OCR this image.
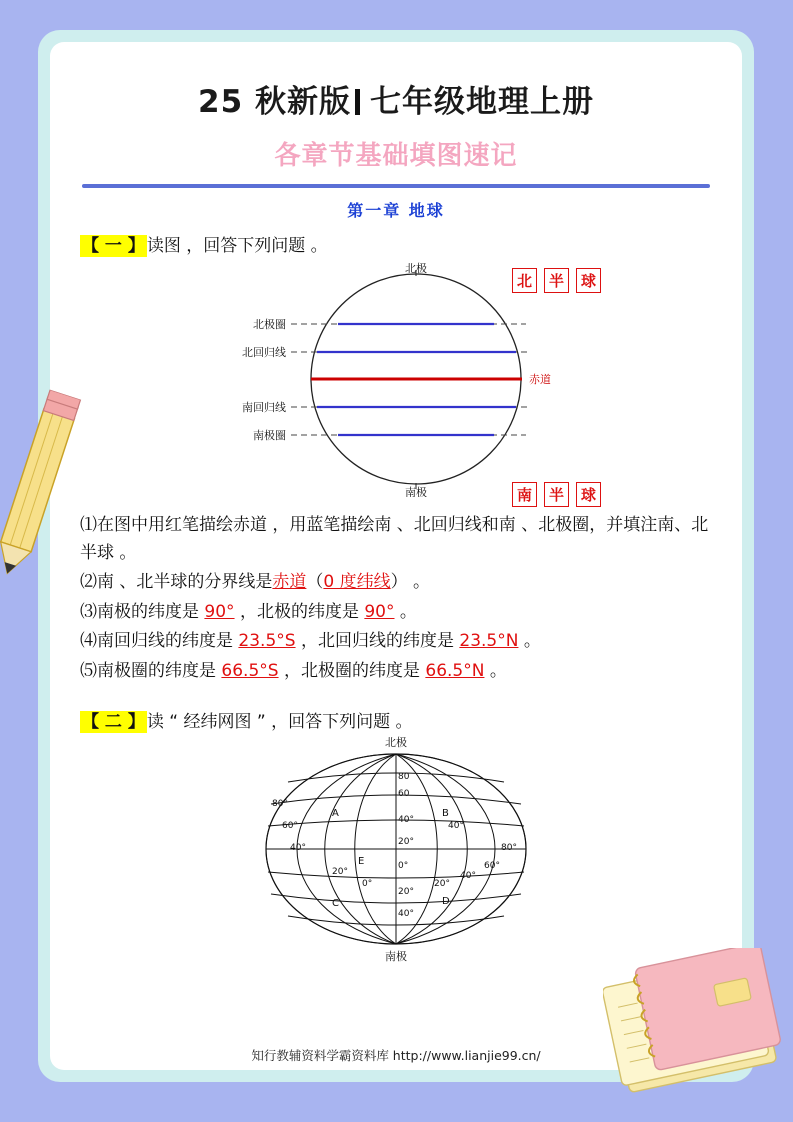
25 秋新版 七年级地理上册
各章节基础填图速记
第一章 地球
【 一 】 读图 ，回答下列问题 。
北极
南极
北极圈
北回归线
南回归线
南极圈
赤道
北	半	球
南	半	球
⑴在图中用红笔描绘赤道 ，用蓝笔描绘南 、北回归线和南 、北极圈，并填注南、北半球 。
⑵南 、北半球的分界线是赤道（0 度纬线） 。
⑶南极的纬度是 90° ，北极的纬度是 90° 。
⑷南回归线的纬度是 23.5°S ，北回归线的纬度是 23.5°N 。
⑸南极圈的纬度是 66.5°S ，北极圈的纬度是 66.5°N 。
【 二 】 读 “ 经纬网图 ” ，回答下列问题 。
北极
南极
80
60
40°
20°
0°
20°
40°
80°
60°
40°
20°
0°	20°
40°
60°
80°
40°
A	B
C	D
E
知行教辅资料学霸资料库 http://www.lianjie99.cn/
